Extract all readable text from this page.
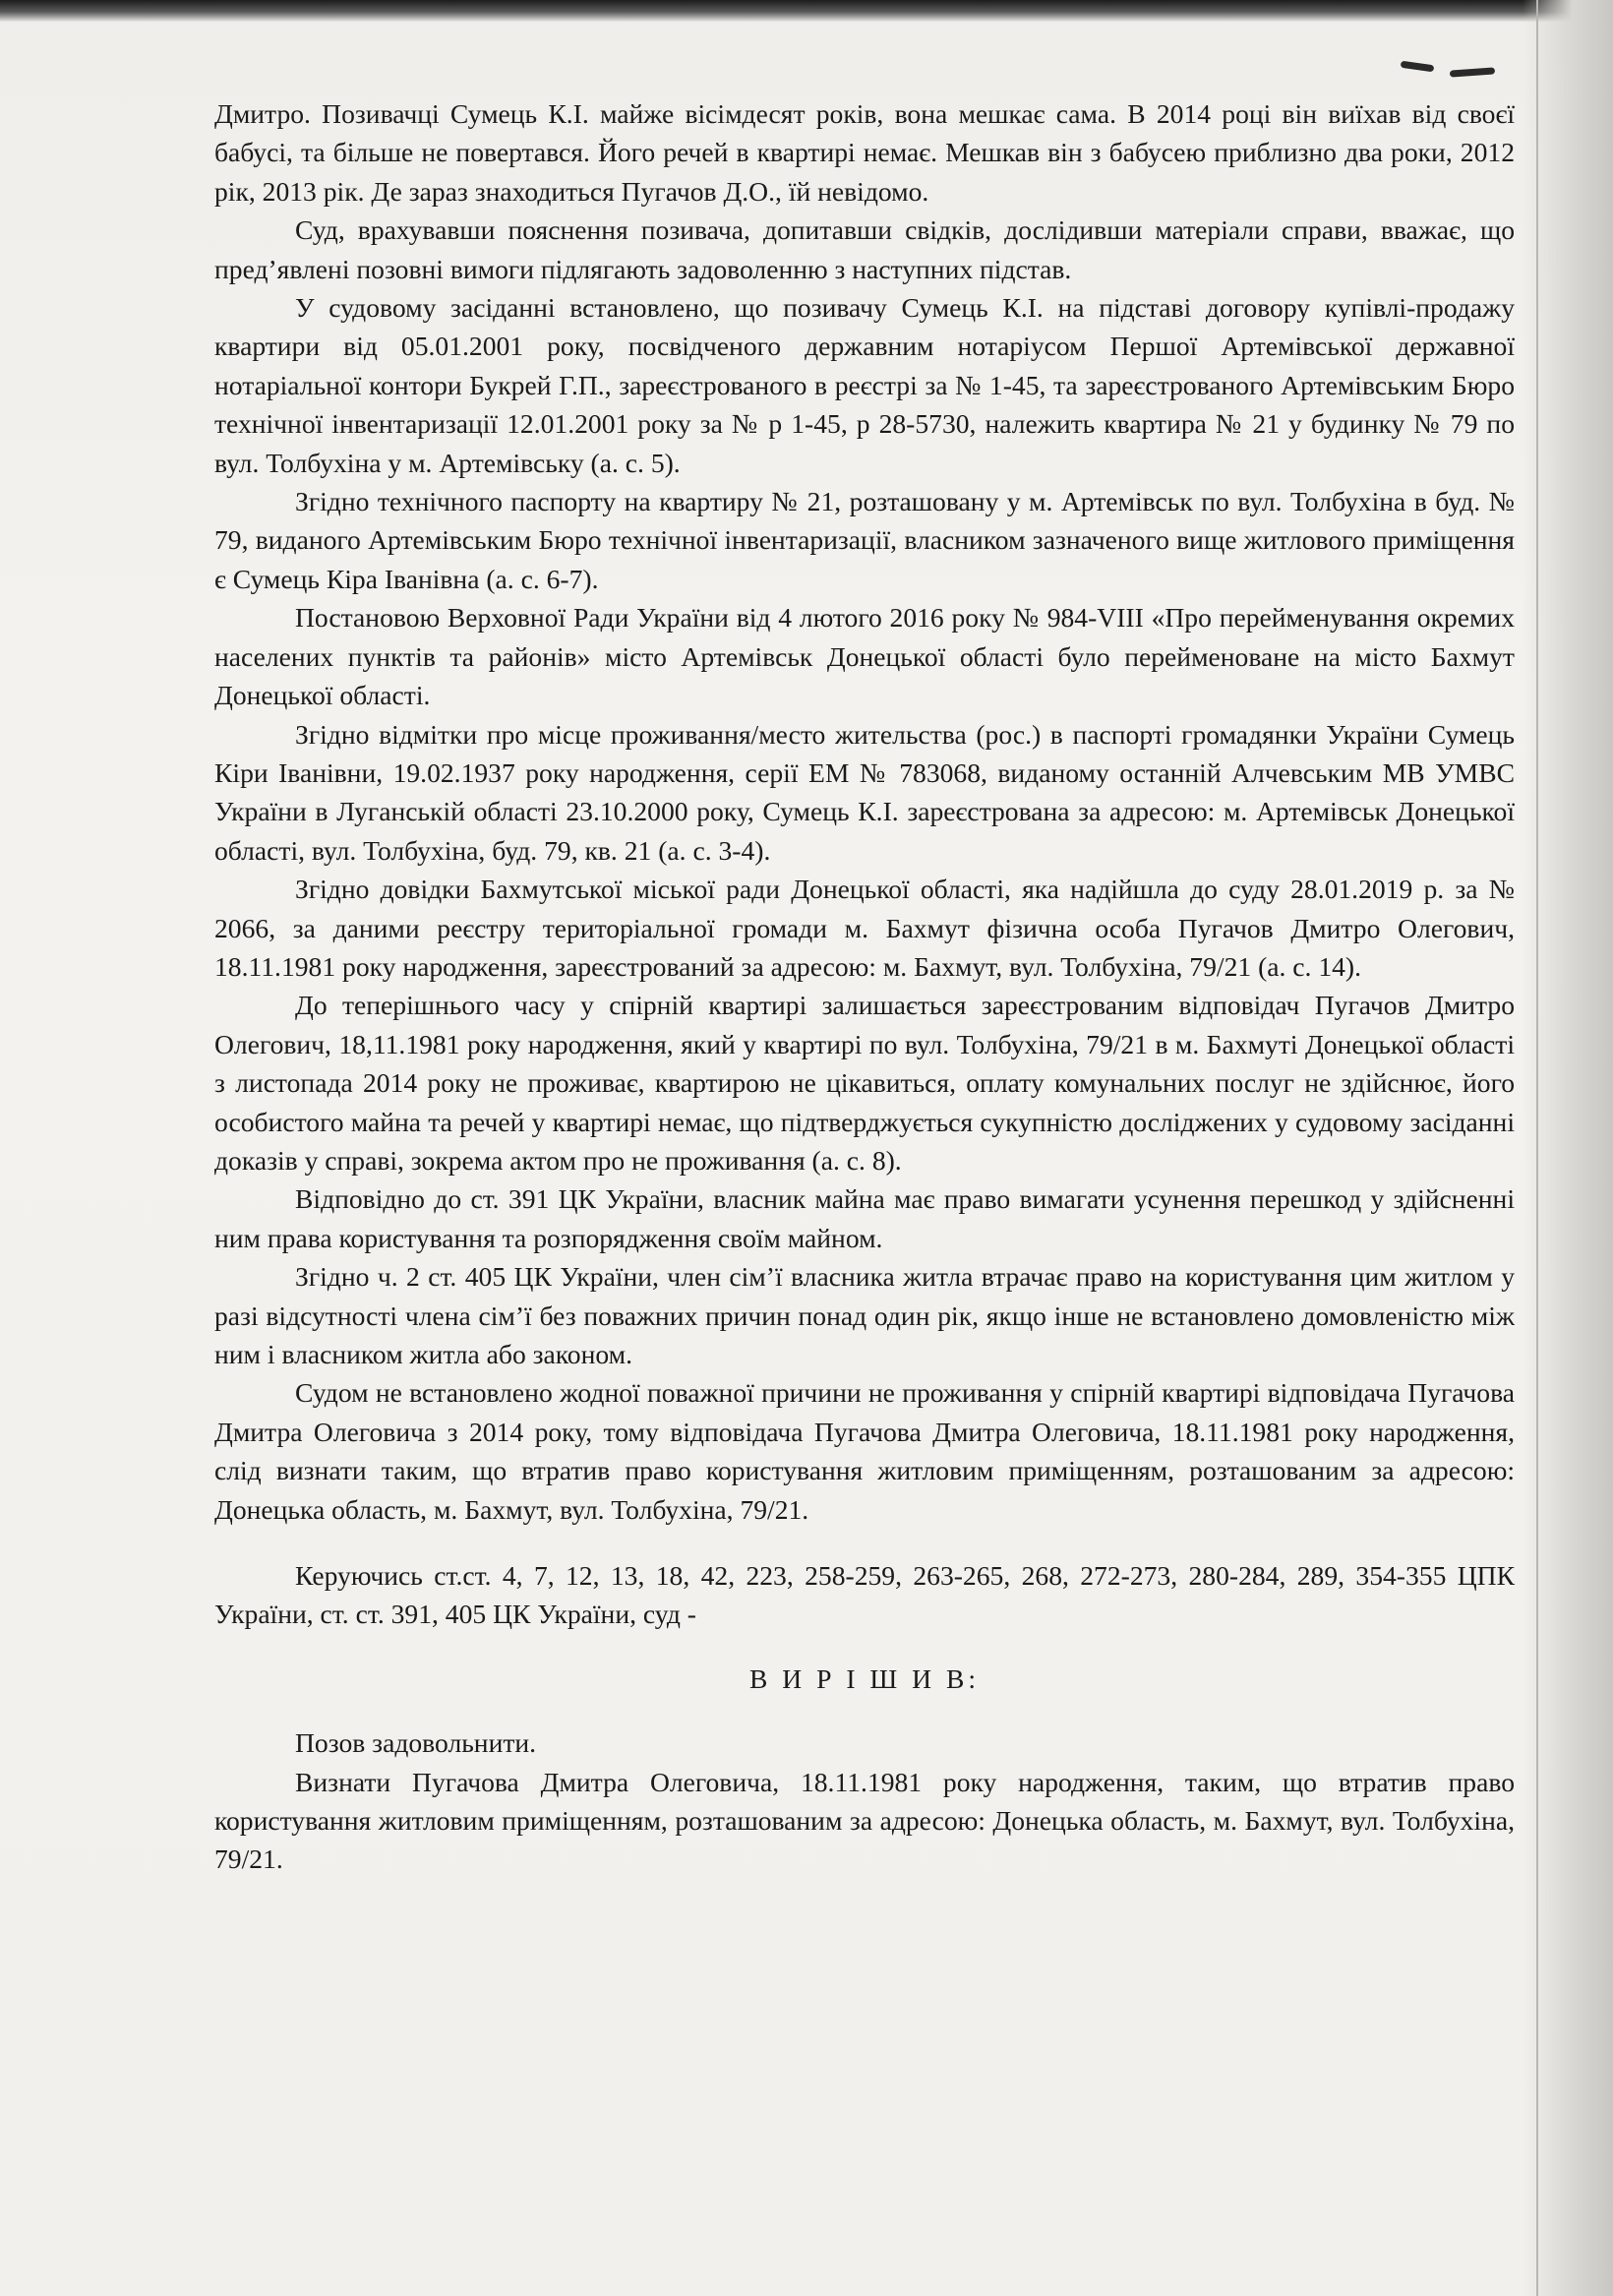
Дмитро. Позивачці Сумець К.І. майже вісімдесят років, вона мешкає сама. В 2014 році він виїхав від своєї бабусі, та більше не повертався. Його речей в квартирі немає. Мешкав він з бабусею приблизно два роки, 2012 рік, 2013 рік. Де зараз знаходиться Пугачов Д.О., їй невідомо.

Суд, врахувавши пояснення позивача, допитавши свідків, дослідивши матеріали справи, вважає, що пред’явлені позовні вимоги підлягають задоволенню з наступних підстав.

У судовому засіданні встановлено, що позивачу Сумець К.І. на підставі договору купівлі-продажу квартири від 05.01.2001 року, посвідченого державним нотаріусом Першої Артемівської державної нотаріальної контори Букрей Г.П., зареєстрованого в реєстрі за № 1-45, та зареєстрованого Артемівським Бюро технічної інвентаризації 12.01.2001 року за № р 1-45, р 28-5730, належить квартира № 21 у будинку № 79 по вул. Толбухіна у м. Артемівську (а. с. 5).

Згідно технічного паспорту на квартиру № 21, розташовану у м. Артемівськ по вул. Толбухіна в буд. № 79, виданого Артемівським Бюро технічної інвентаризації, власником зазначеного вище житлового приміщення є Сумець Кіра Іванівна (а. с. 6-7).

Постановою Верховної Ради України від 4 лютого 2016 року № 984-VIII «Про перейменування окремих населених пунктів та районів» місто Артемівськ Донецької області було перейменоване на місто Бахмут Донецької області.

Згідно відмітки про місце проживання/место жительства (рос.) в паспорті громадянки України Сумець Кіри Іванівни, 19.02.1937 року народження, серії ЕМ № 783068, виданому останній Алчевським МВ УМВС України в Луганській області 23.10.2000 року, Сумець К.І. зареєстрована за адресою: м. Артемівськ Донецької області, вул. Толбухіна, буд. 79, кв. 21 (а. с. 3-4).

Згідно довідки Бахмутської міської ради Донецької області, яка надійшла до суду 28.01.2019 р. за № 2066, за даними реєстру територіальної громади м. Бахмут фізична особа Пугачов Дмитро Олегович, 18.11.1981 року народження, зареєстрований за адресою: м. Бахмут, вул. Толбухіна, 79/21 (а. с. 14).

До теперішнього часу у спірній квартирі залишається зареєстрованим відповідач Пугачов Дмитро Олегович, 18,11.1981 року народження, який у квартирі по вул. Толбухіна, 79/21 в м. Бахмуті Донецької області з листопада 2014 року не проживає, квартирою не цікавиться, оплату комунальних послуг не здійснює, його особистого майна та речей у квартирі немає, що підтверджується сукупністю досліджених у судовому засіданні доказів у справі, зокрема актом про не проживання (а. с. 8).

Відповідно до ст. 391 ЦК України, власник майна має право вимагати усунення перешкод у здійсненні ним права користування та розпорядження своїм майном.

Згідно ч. 2 ст. 405 ЦК України, член сім’ї власника житла втрачає право на користування цим житлом у разі відсутності члена сім’ї без поважних причин понад один рік, якщо інше не встановлено домовленістю між ним і власником житла або законом.

Судом не встановлено жодної поважної причини не проживання у спірній квартирі відповідача Пугачова Дмитра Олеговича з 2014 року, тому відповідача Пугачова Дмитра Олеговича, 18.11.1981 року народження, слід визнати таким, що втратив право користування житловим приміщенням, розташованим за адресою: Донецька область, м. Бахмут, вул. Толбухіна, 79/21.

Керуючись ст.ст. 4, 7, 12, 13, 18, 42, 223, 258-259, 263-265, 268, 272-273, 280-284, 289, 354-355 ЦПК України, ст. ст. 391, 405 ЦК України, суд -

В И Р І Ш И В:

Позов задовольнити.

Визнати Пугачова Дмитра Олеговича, 18.11.1981 року народження, таким, що втратив право користування житловим приміщенням, розташованим за адресою: Донецька область, м. Бахмут, вул. Толбухіна, 79/21.
